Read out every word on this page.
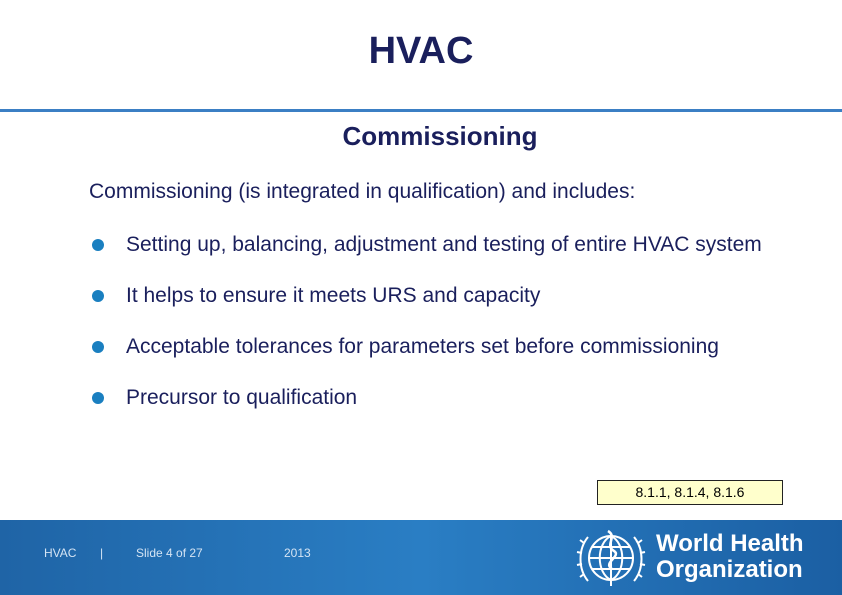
HVAC
Commissioning
Commissioning (is integrated in qualification) and includes:
Setting up, balancing, adjustment and testing of entire HVAC system
It helps to ensure it meets URS and capacity
Acceptable tolerances for parameters set before commissioning
Precursor to qualification
8.1.1, 8.1.4, 8.1.6
HVAC |	Slide 4 of 27	2013	World Health
Organization
